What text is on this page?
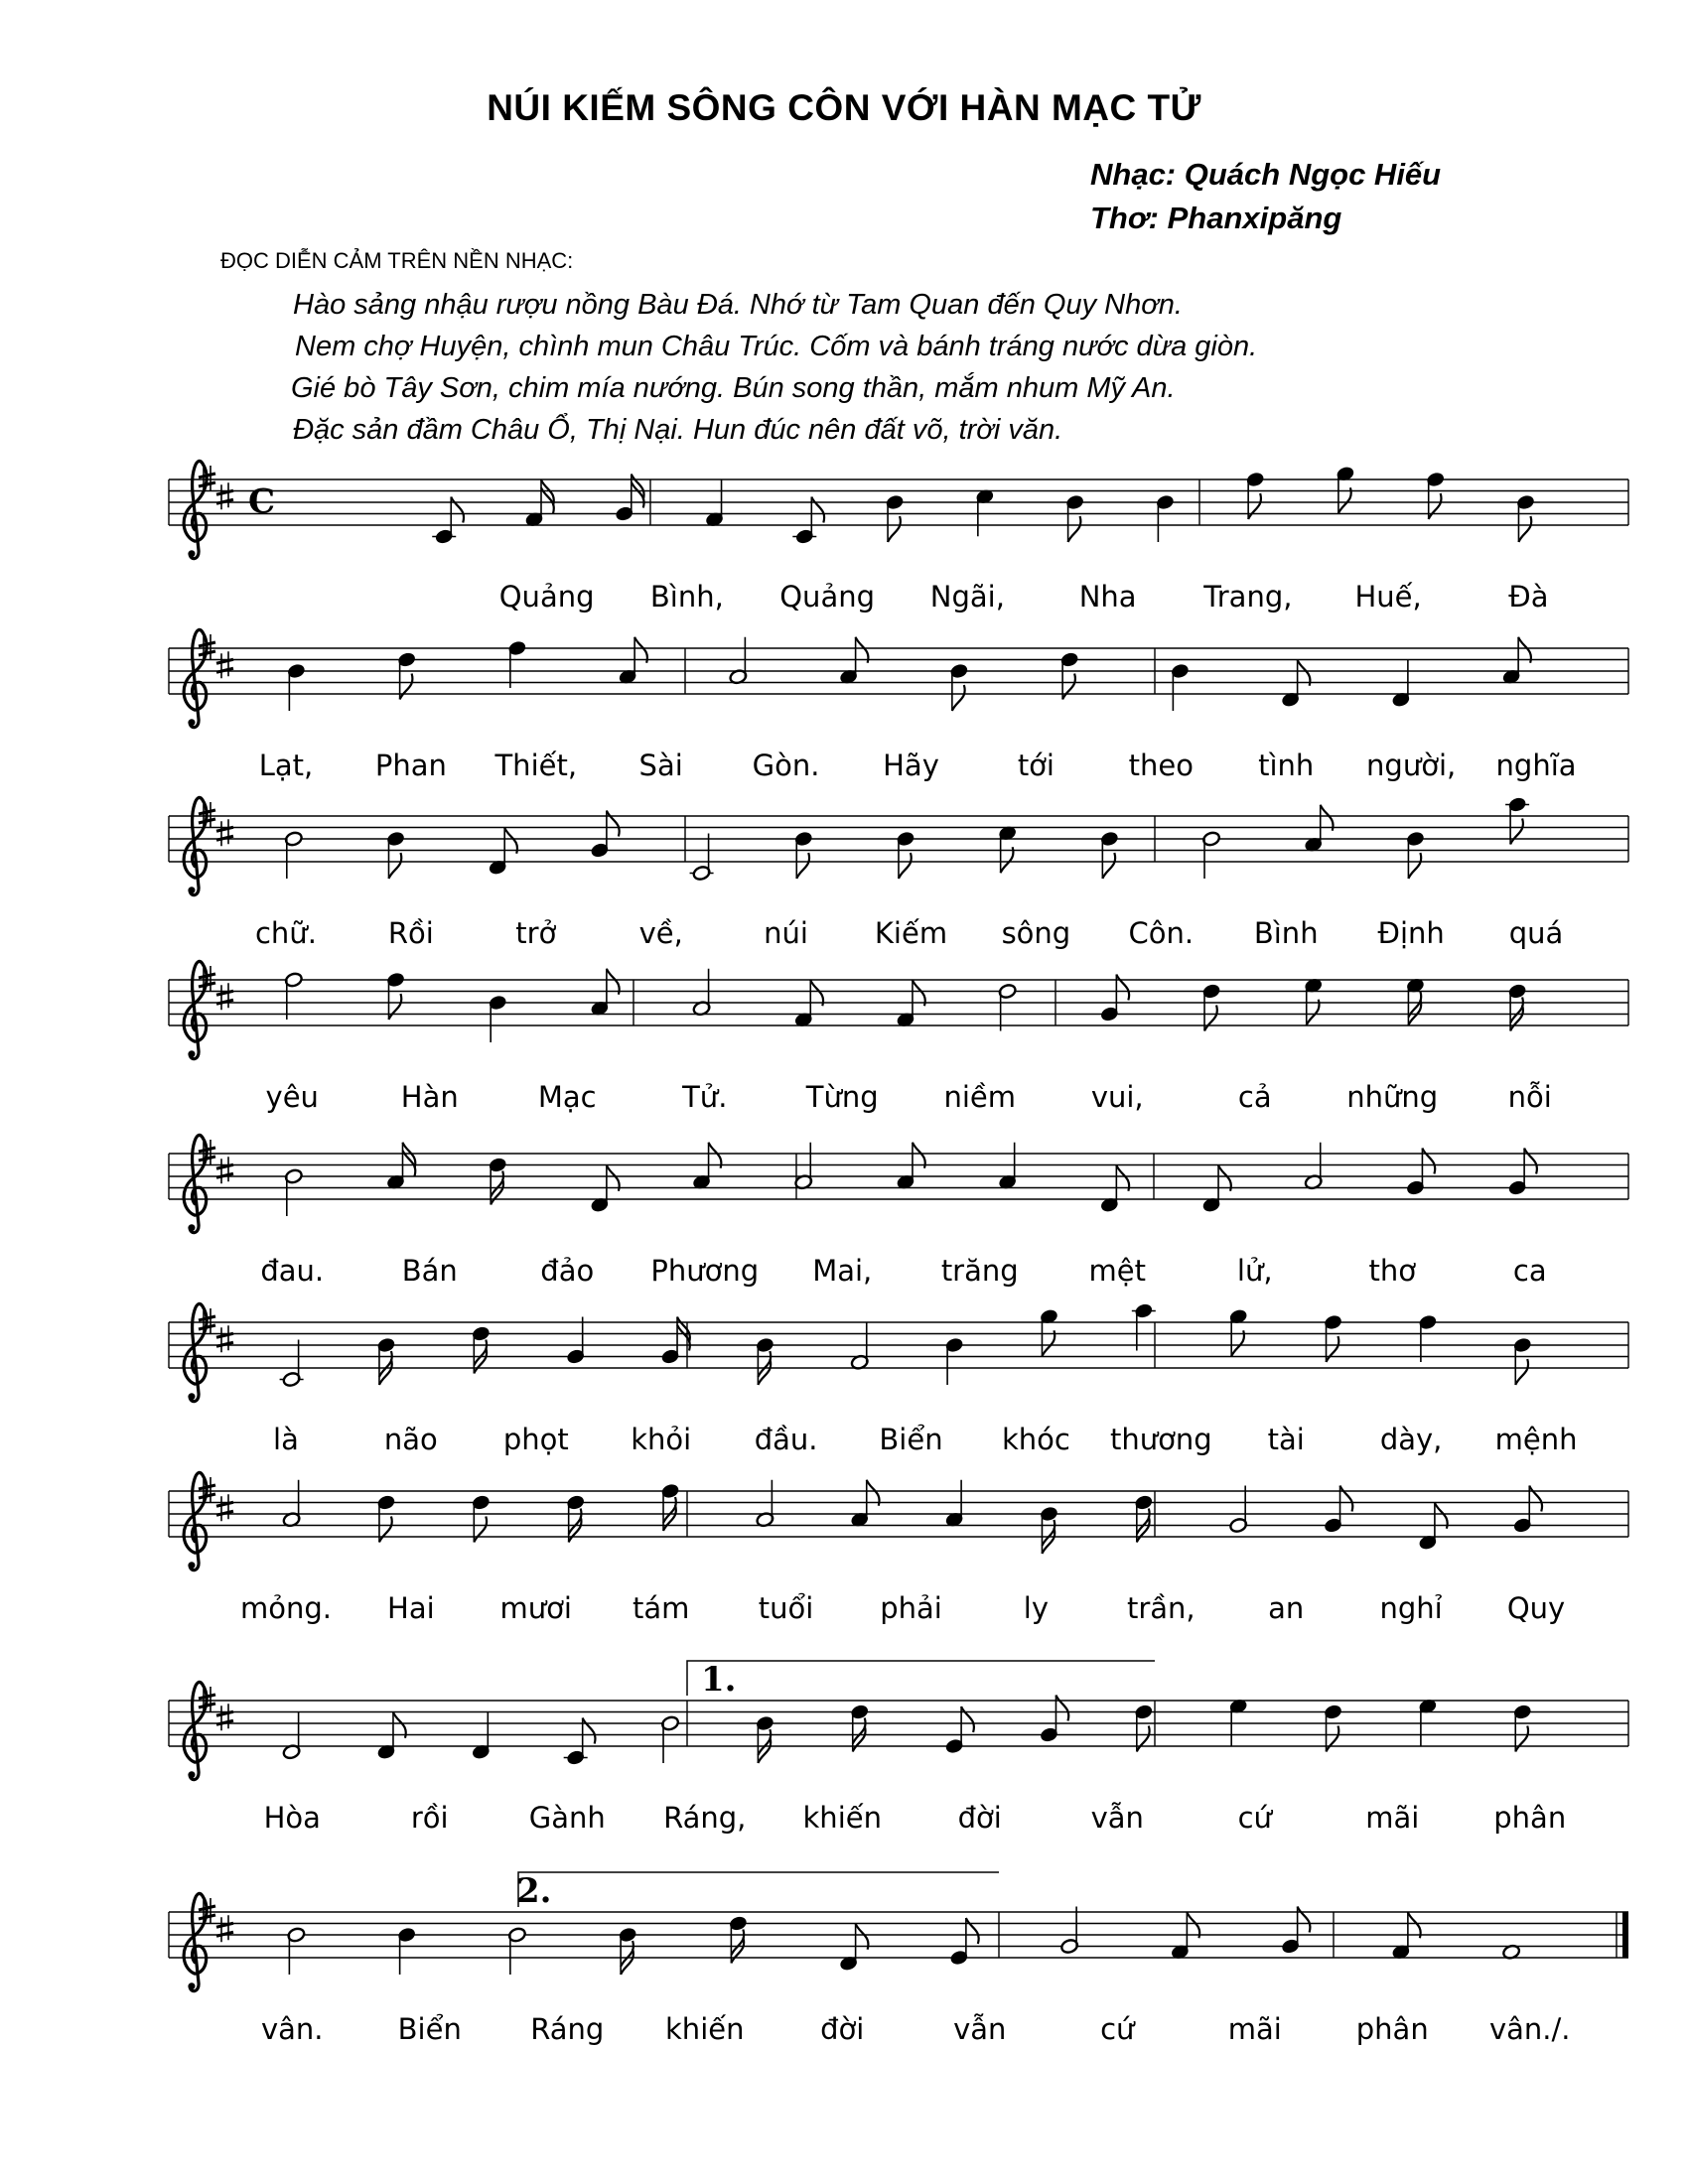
NÚI KIẾM SÔNG CÔN VỚI HÀN MẠC TỬ
Nhạc: Quách Ngọc Hiếu
Thơ: Phanxipăng
ĐỌC DIỄN CẢM TRÊN NỀN NHẠC:
Hào sảng nhậu rượu nồng Bàu Đá. Nhớ từ Tam Quan đến Quy Nhơn.
Nem chợ Huyện, chình mun Châu Trúc. Cốm và bánh tráng nước dừa giòn.
Gié bò Tây Sơn, chim mía nướng. Bún song thần, mắm nhum Mỹ An.
Đặc sản đầm Châu Ổ, Thị Nại. Hun đúc nên đất võ, trời văn.
C
Quảng Bình, Quảng Ngãi,	Nha Trang, Huế,	Đà
Lạt, Phan Thiết, Sài Gòn. Hãy	tới	theo tình người, nghĩa
chữ. Rồi	trở	về,	núi Kiếm sông Côn. Bình Định quá
yêu	Hàn	Mạc	Tử.	Từng niềm	vui,	cả	những nỗi
đau.	Bán	đảo Phương Mai, trăng mệt	lử,	thơ	ca
là	não phọt khỏi đầu. Biển khóc thương tài	dày, mệnh
mỏng. Hai mươi tám tuổi phải	ly	trần,	an	nghỉ Quy
Hòa	rồi	Gành Ráng, khiến	đời	vẫn	cứ	mãi	phân
1.
vân.	Biển Ráng khiến	đời	vẫn	cứ	mãi	phân vân./.
2.
